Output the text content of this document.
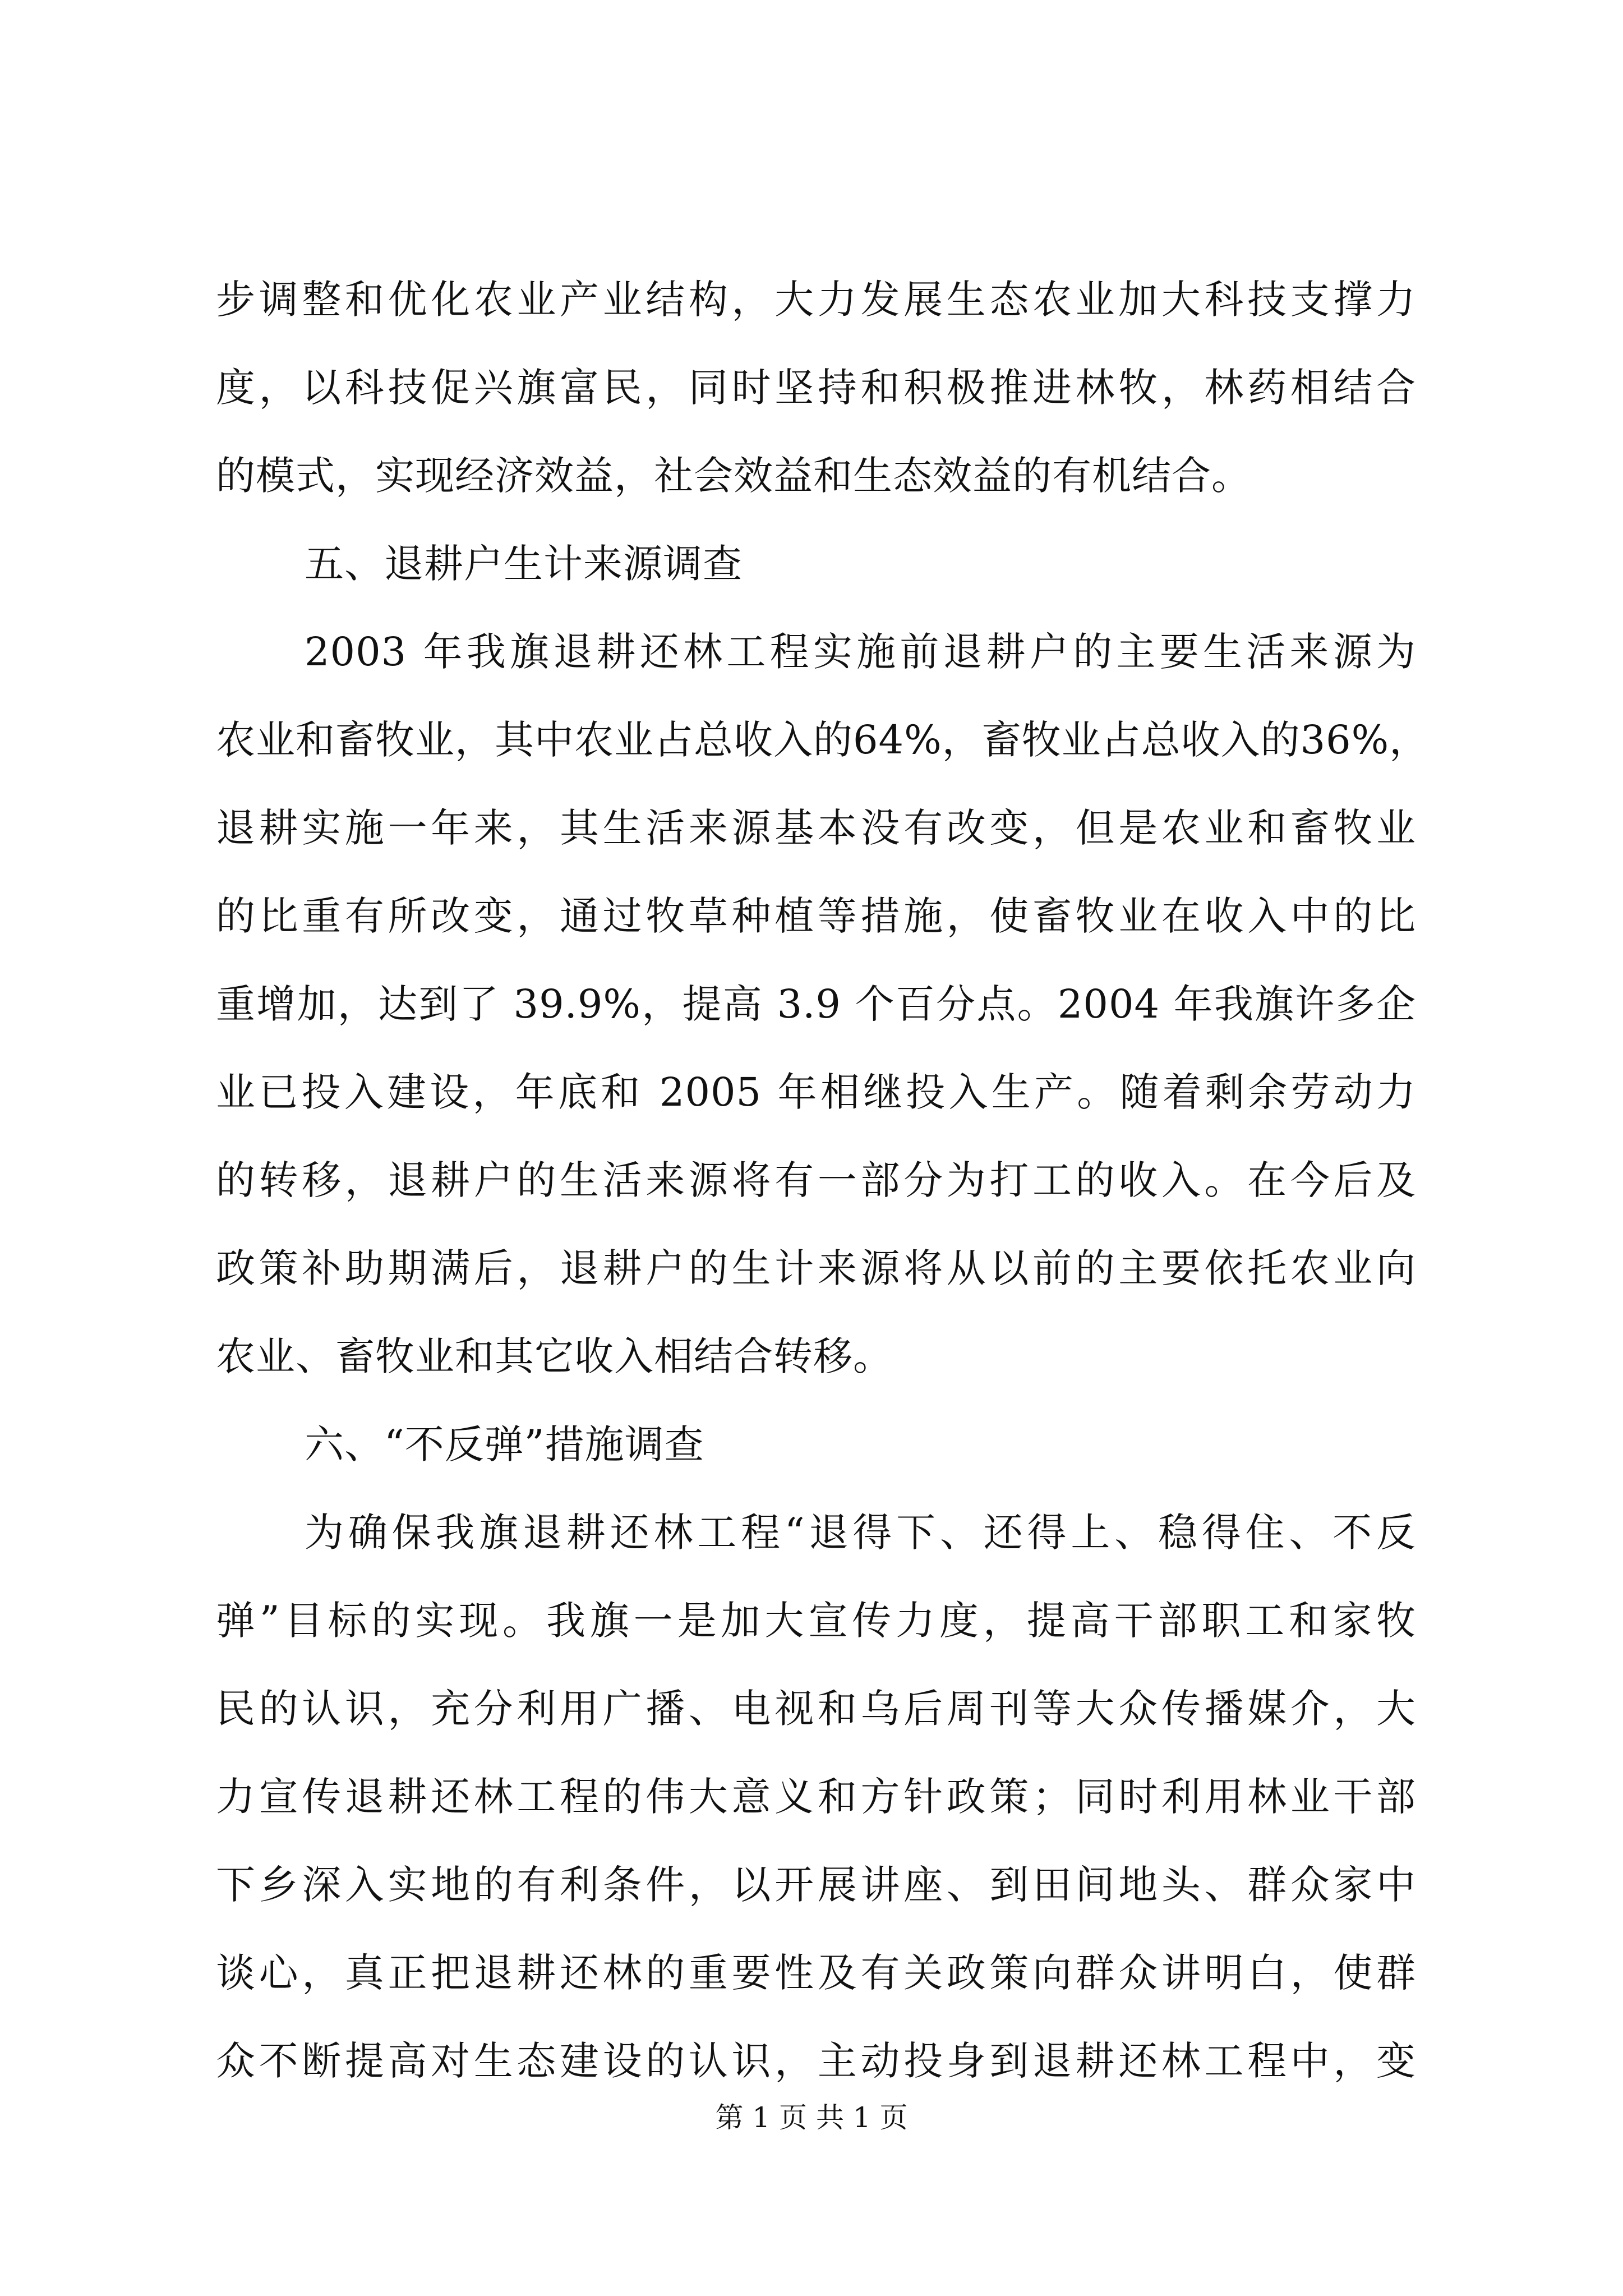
步调整和优化农业产业结构，大力发展生态农业加大科技支撑力
度，以科技促兴旗富民，同时坚持和积极推进林牧，林药相结合
的模式，实现经济效益，社会效益和生态效益的有机结合。
五、退耕户生计来源调查
2003 年我旗退耕还林工程实施前退耕户的主要生活来源为
农业和畜牧业，其中农业占总收入的64%，畜牧业占总收入的36%，
退耕实施一年来，其生活来源基本没有改变，但是农业和畜牧业
的比重有所改变，通过牧草种植等措施，使畜牧业在收入中的比
重增加，达到了 39.9%，提高 3.9 个百分点。2004 年我旗许多企
业已投入建设，年底和 2005 年相继投入生产。随着剩余劳动力
的转移，退耕户的生活来源将有一部分为打工的收入。在今后及
政策补助期满后，退耕户的生计来源将从以前的主要依托农业向
农业、畜牧业和其它收入相结合转移。
六、“不反弹”措施调查
为确保我旗退耕还林工程“退得下、还得上、稳得住、不反
弹”目标的实现。我旗一是加大宣传力度，提高干部职工和家牧
民的认识，充分利用广播、电视和乌后周刊等大众传播媒介，大
力宣传退耕还林工程的伟大意义和方针政策；同时利用林业干部
下乡深入实地的有利条件，以开展讲座、到田间地头、群众家中
谈心，真正把退耕还林的重要性及有关政策向群众讲明白，使群
众不断提高对生态建设的认识，主动投身到退耕还林工程中，变
第 1 页 共 1 页
